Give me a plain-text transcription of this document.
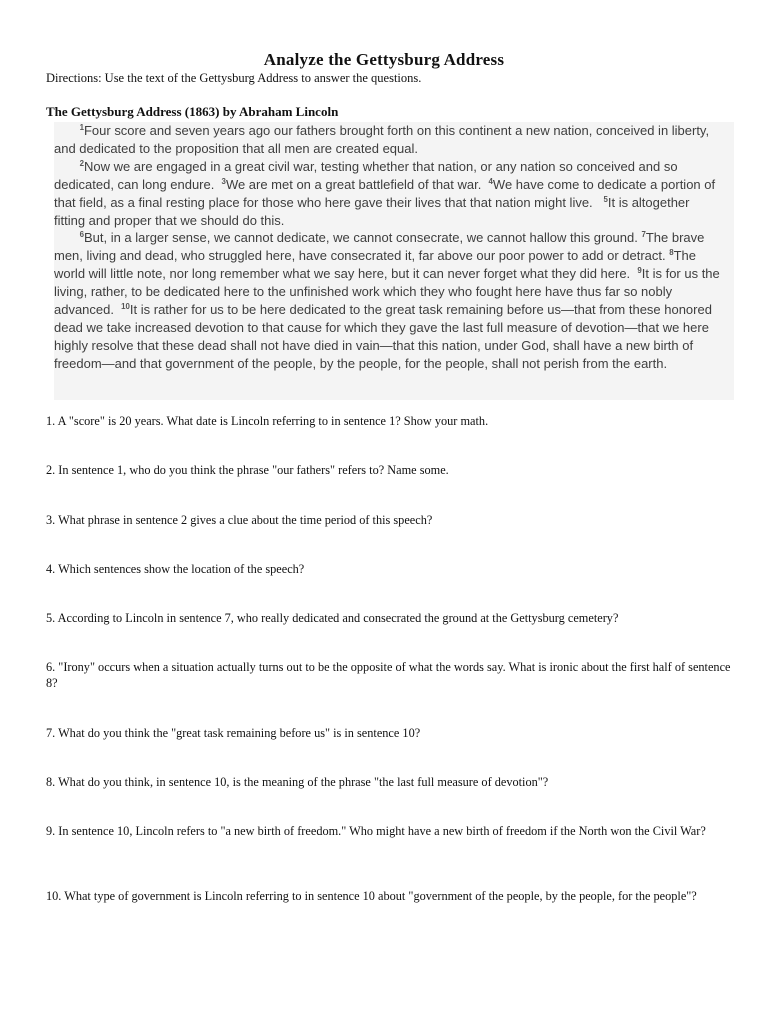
Analyze the Gettysburg Address
Directions: Use the text of the Gettysburg Address to answer the questions.
The Gettysburg Address (1863) by Abraham Lincoln

$^1$Four score and seven years ago our fathers brought forth on this continent a new nation, conceived in liberty, and dedicated to the proposition that all men are created equal.

$^2$Now we are engaged in a great civil war, testing whether that nation, or any nation so conceived and so dedicated, can long endure. $^3$We are met on a great battlefield of that war. $^4$We have come to dedicate a portion of that field, as a final resting place for those who here gave their lives that that nation might live. $^5$It is altogether fitting and proper that we should do this.

$^6$But, in a larger sense, we cannot dedicate, we cannot consecrate, we cannot hallow this ground. $^7$The brave men, living and dead, who struggled here, have consecrated it, far above our poor power to add or detract. $^8$The world will little note, nor long remember what we say here, but it can never forget what they did here. $^9$It is for us the living, rather, to be dedicated here to the unfinished work which they who fought here have thus far so nobly advanced. $^{10}$It is rather for us to be here dedicated to the great task remaining before us—that from these honored dead we take increased devotion to that cause for which they gave the last full measure of devotion—that we here highly resolve that these dead shall not have died in vain—that this nation, under God, shall have a new birth of freedom—and that government of the people, by the people, for the people, shall not perish from the earth.

1. A "score" is 20 years. What date is Lincoln referring to in sentence 1? Show your math.
2. In sentence 1, who do you think the phrase "our fathers" refers to? Name some.
3. What phrase in sentence 2 gives a clue about the time period of this speech?
4. Which sentences show the location of the speech?
5. According to Lincoln in sentence 7, who really dedicated and consecrated the ground at the Gettysburg cemetery?
6. "Irony" occurs when a situation actually turns out to be the opposite of what the words say. What is ironic about the first half of sentence 8?
7. What do you think the "great task remaining before us" is in sentence 10?
8. What do you think, in sentence 10, is the meaning of the phrase "the last full measure of devotion"?
9. In sentence 10, Lincoln refers to "a new birth of freedom." Who might have a new birth of freedom if the North won the Civil War?
10. What type of government is Lincoln referring to in sentence 10 about "government of the people, by the people, for the people"?
